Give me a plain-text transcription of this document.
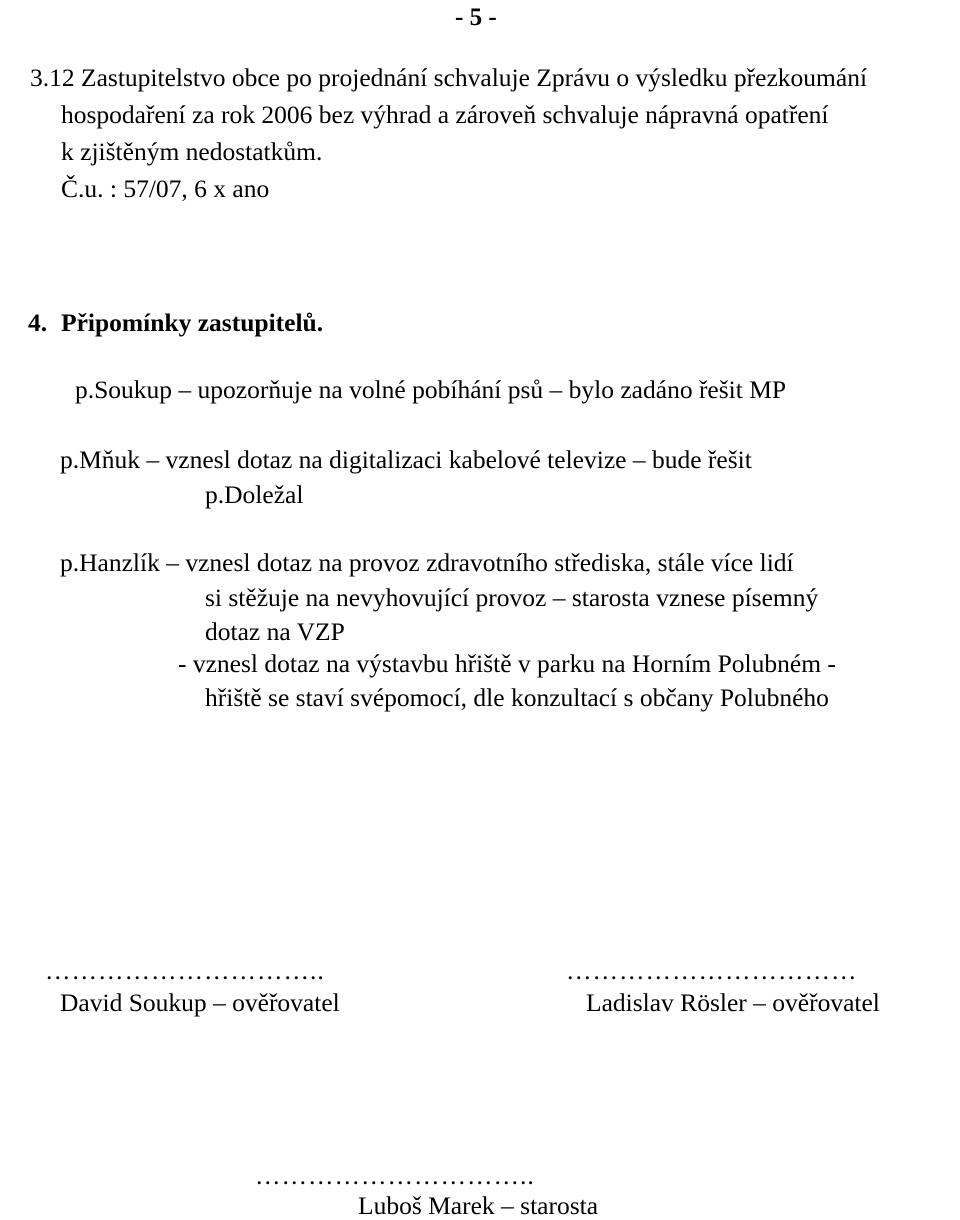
- 5 -
3.12 Zastupitelstvo obce po projednání schvaluje Zprávu o výsledku přezkoumání
hospodaření za rok 2006 bez výhrad a zároveň schvaluje nápravná opatření
k zjištěným nedostatkům.
Č.u. : 57/07, 6 x ano
4. Připomínky zastupitelů.
p.Soukup – upozorňuje na volné pobíhání psů – bylo zadáno řešit MP
p.Mňuk – vznesl dotaz na digitalizaci kabelové televize – bude řešit
p.Doležal
p.Hanzlík – vznesl dotaz na provoz zdravotního střediska, stále více lidí
si stěžuje na nevyhovující provoz – starosta vznese písemný
dotaz na VZP
- vznesl dotaz na výstavbu hřiště v parku na Horním Polubném -
hřiště se staví svépomocí, dle konzultací s občany Polubného
…………………………..
David Soukup – ověřovatel
……………………………
Ladislav Rösler – ověřovatel
…………………………..
Luboš Marek – starosta
